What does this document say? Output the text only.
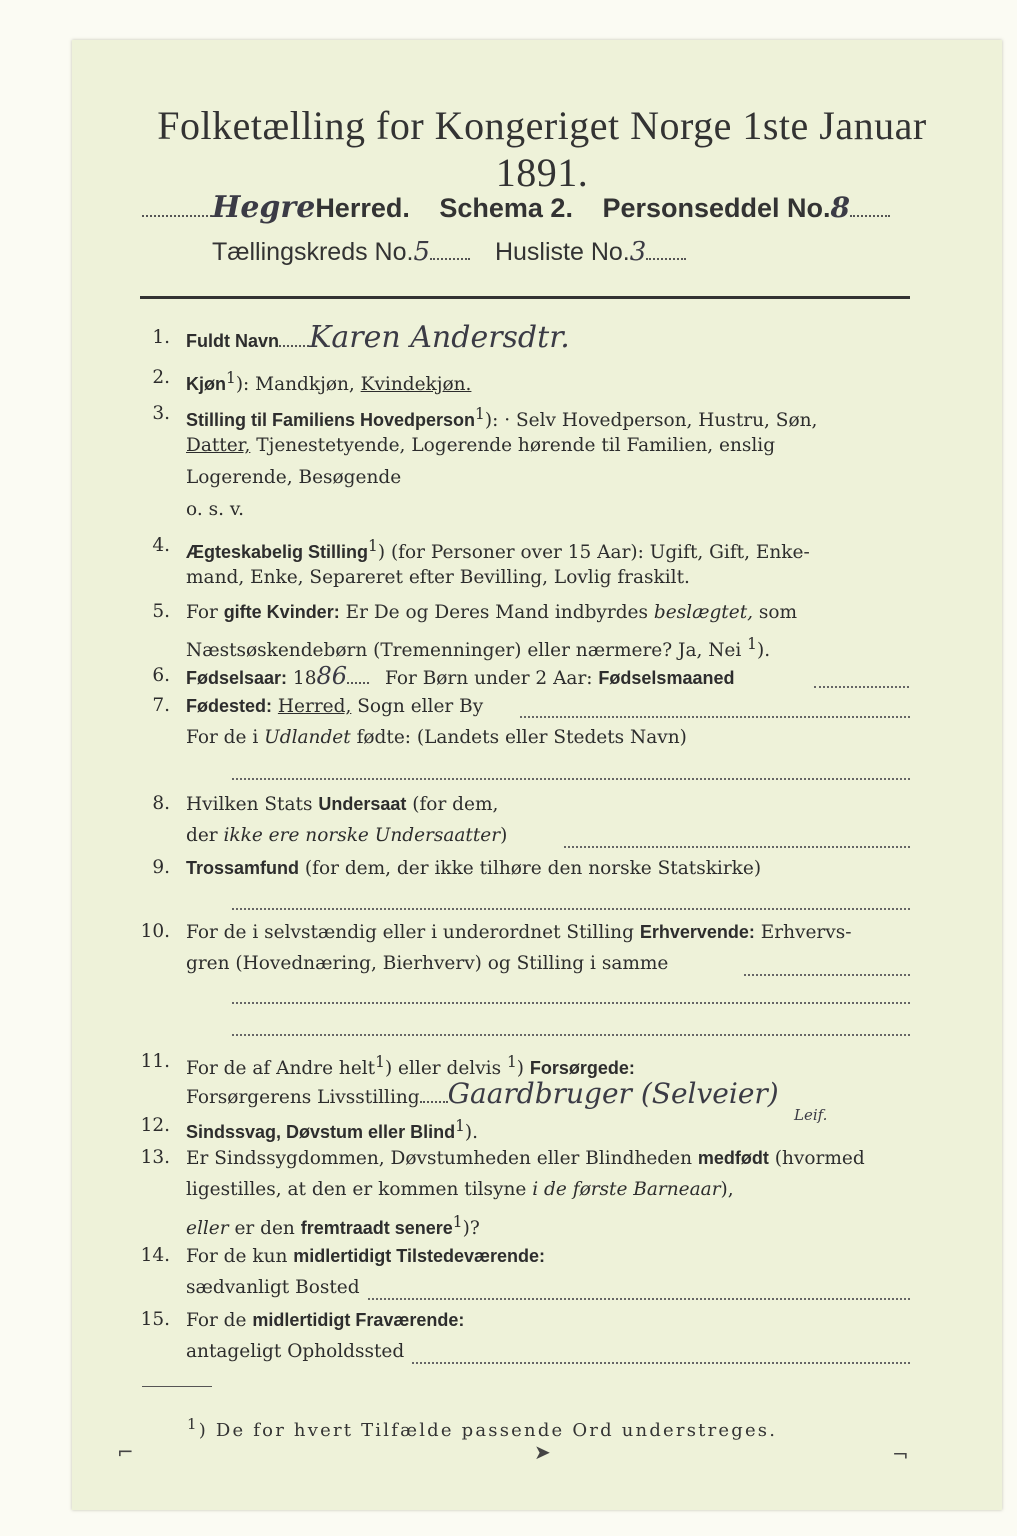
Folketælling for Kongeriget Norge 1ste Januar 1891.
HegreHerred. Schema 2. Personseddel No.8
Tællingskreds No.5	Husliste No.3
1. Fuldt Navn Karen Andersdtr.
2. Kjøn$^1$): Mandkjøn, Kvindekjøn.
3. Stilling til Familiens Hovedperson$^1$): · Selv Hovedperson, Hustru, Søn,
Datter, Tjenestetyende, Logerende hørende til Familien, enslig
Logerende, Besøgende
o. s. v.
4. Ægteskabelig Stilling$^1$) (for Personer over 15 Aar): Ugift, Gift, Enke-
mand, Enke, Separeret efter Bevilling, Lovlig fraskilt.
5. For gifte Kvinder: Er De og Deres Mand indbyrdes beslægtet, som
Næstsøskendebørn (Tremenninger) eller nærmere? Ja, Nei $^1$).
6. Fødselsaar: 1886 For Børn under 2 Aar: Fødselsmaaned
7. Fødested: Herred, Sogn eller By
For de i Udlandet fødte: (Landets eller Stedets Navn)
8. Hvilken Stats Undersaat (for dem,
der ikke ere norske Undersaatter)
9. Trossamfund (for dem, der ikke tilhøre den norske Statskirke)
10. For de i selvstændig eller i underordnet Stilling Erhvervende: Erhvervs-
gren (Hovednæring, Bierhverv) og Stilling i samme
11. For de af Andre helt$^1$) eller delvis $^1$) Forsørgede:
Forsørgerens Livsstilling Gaardbruger (Selveier)
Leif.
12. Sindssvag, Døvstum eller Blind$^1$).
13. Er Sindssygdommen, Døvstumheden eller Blindheden medfødt (hvormed
ligestilles, at den er kommen tilsyne i de første Barneaar),
eller er den fremtraadt senere$^1$)?
14. For de kun midlertidigt Tilstedeværende:
sædvanligt Bosted
15. For de midlertidigt Fraværende:
antageligt Opholdssted
$^1$) De for hvert Tilfælde passende Ord understreges.
⌐	➤	¬
